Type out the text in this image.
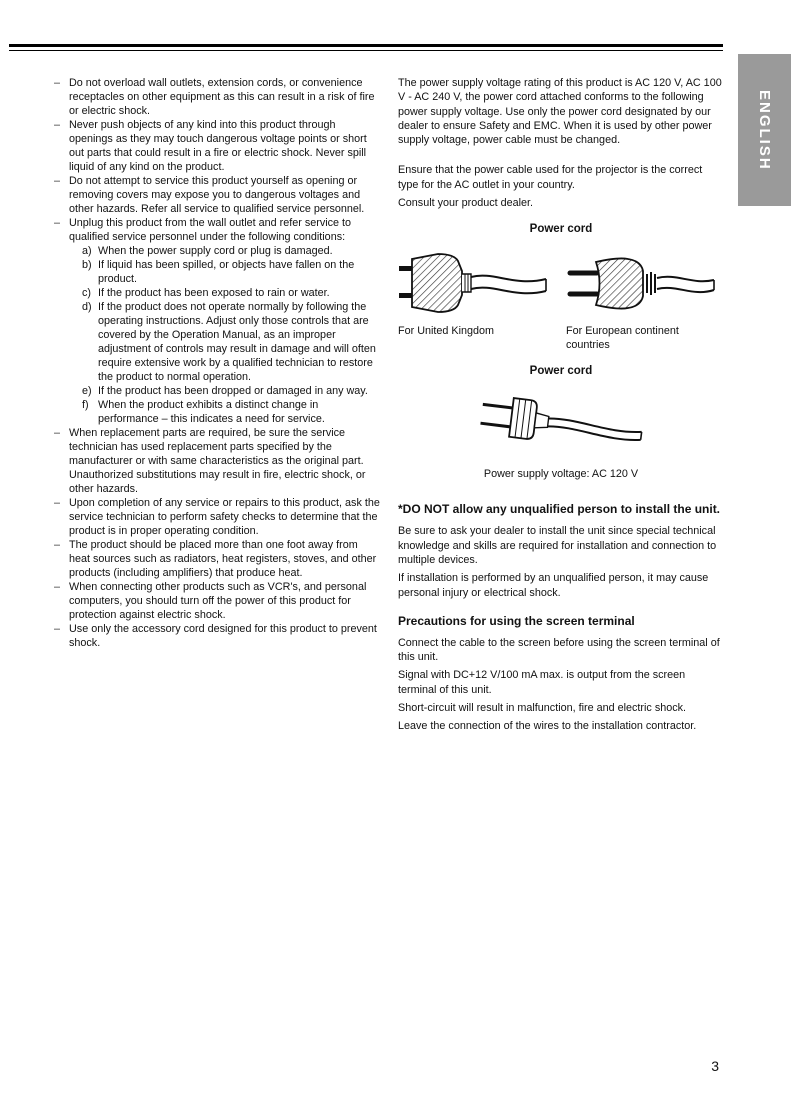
ENGLISH
– Do not overload wall outlets, extension cords, or convenience receptacles on other equipment as this can result in a risk of fire or electric shock.
– Never push objects of any kind into this product through openings as they may touch dangerous voltage points or short out parts that could result in a fire or electric shock. Never spill liquid of any kind on the product.
– Do not attempt to service this product yourself as opening or removing covers may expose you to dangerous voltages and other hazards. Refer all service to qualified service personnel.
– Unplug this product from the wall outlet and refer service to qualified service personnel under the following conditions:
a) When the power supply cord or plug is damaged.
b) If liquid has been spilled, or objects have fallen on the product.
c) If the product has been exposed to rain or water.
d) If the product does not operate normally by following the operating instructions. Adjust only those controls that are covered by the Operation Manual, as an improper adjustment of controls may result in damage and will often require extensive work by a qualified technician to restore the product to normal operation.
e) If the product has been dropped or damaged in any way.
f) When the product exhibits a distinct change in performance – this indicates a need for service.
– When replacement parts are required, be sure the service technician has used replacement parts specified by the manufacturer or with same characteristics as the original part. Unauthorized substitutions may result in fire, electric shock, or other hazards.
– Upon completion of any service or repairs to this product, ask the service technician to perform safety checks to determine that the product is in proper operating condition.
– The product should be placed more than one foot away from heat sources such as radiators, heat registers, stoves, and other products (including amplifiers) that produce heat.
– When connecting other products such as VCR's, and personal computers, you should turn off the power of this product for protection against electric shock.
– Use only the accessory cord designed for this product to prevent shock.

The power supply voltage rating of this product is AC 120 V, AC 100 V - AC 240 V, the power cord attached conforms to the following power supply voltage. Use only the power cord designated by our dealer to ensure Safety and EMC. When it is used by other power supply voltage, power cable must be changed.

Ensure that the power cable used for the projector is the correct type for the AC outlet in your country.

Consult your product dealer.

Power cord
For United Kingdom	For European continent countries
Power cord
Power supply voltage: AC 120 V
*DO NOT allow any unqualified person to install the unit.

Be sure to ask your dealer to install the unit since special technical knowledge and skills are required for installation and connection to multiple devices.

If installation is performed by an unqualified person, it may cause personal injury or electrical shock.

Precautions for using the screen terminal

Connect the cable to the screen before using the screen terminal of this unit.

Signal with DC+12 V/100 mA max. is output from the screen terminal of this unit.

Short-circuit will result in malfunction, fire and electric shock.

Leave the connection of the wires to the installation contractor.

3
